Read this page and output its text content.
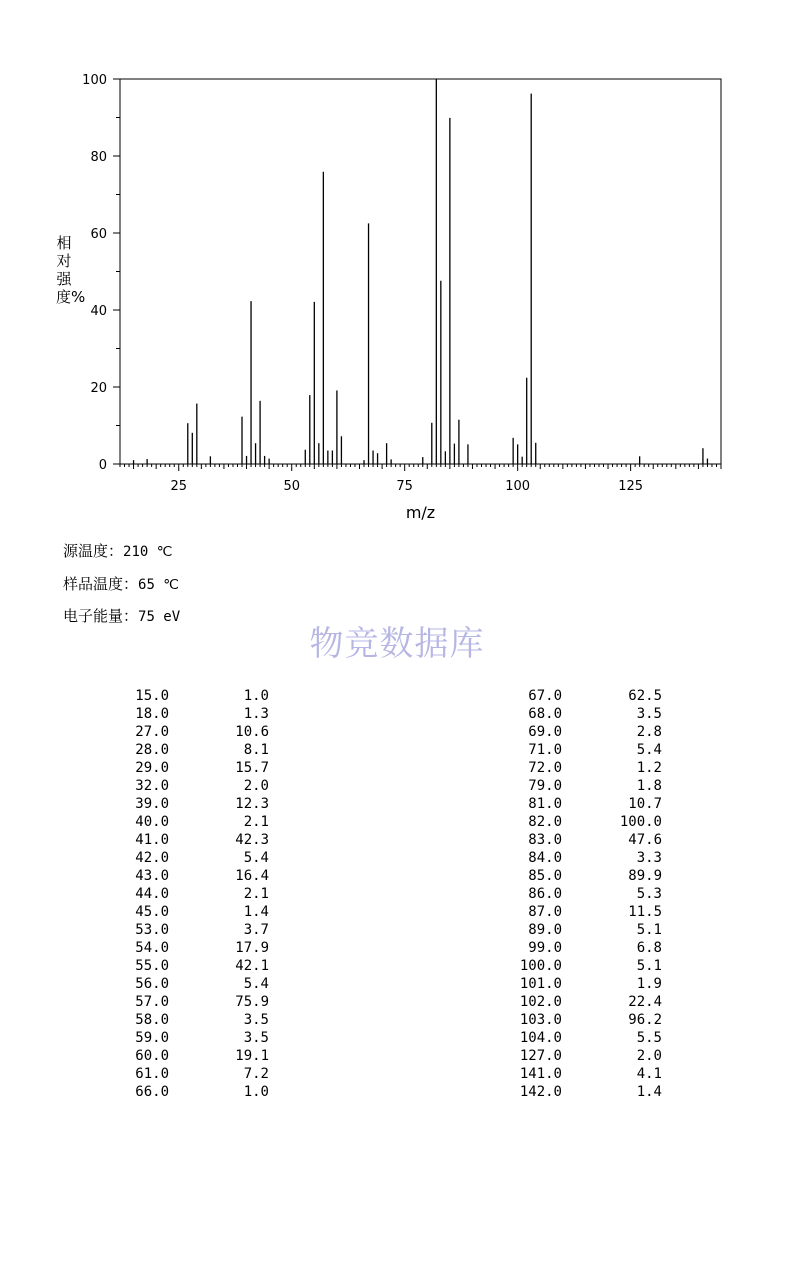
0
20
40
60
80
100
25	50	75	100	125
m/z
相对强度%
源温度：210 ℃
样品温度：65 ℃
电子能量：75 eV
物竞数据库
15.0	1.0
18.0	1.3
27.0	10.6
28.0	8.1
29.0	15.7
32.0	2.0
39.0	12.3
40.0	2.1
41.0	42.3
42.0	5.4
43.0	16.4
44.0	2.1
45.0	1.4
53.0	3.7
54.0	17.9
55.0	42.1
56.0	5.4
57.0	75.9
58.0	3.5
59.0	3.5
60.0	19.1
61.0	7.2
66.0	1.0
67.0	62.5
68.0	3.5
69.0	2.8
71.0	5.4
72.0	1.2
79.0	1.8
81.0	10.7
82.0	100.0
83.0	47.6
84.0	3.3
85.0	89.9
86.0	5.3
87.0	11.5
89.0	5.1
99.0	6.8
100.0	5.1
101.0	1.9
102.0	22.4
103.0	96.2
104.0	5.5
127.0	2.0
141.0	4.1
142.0	1.4
